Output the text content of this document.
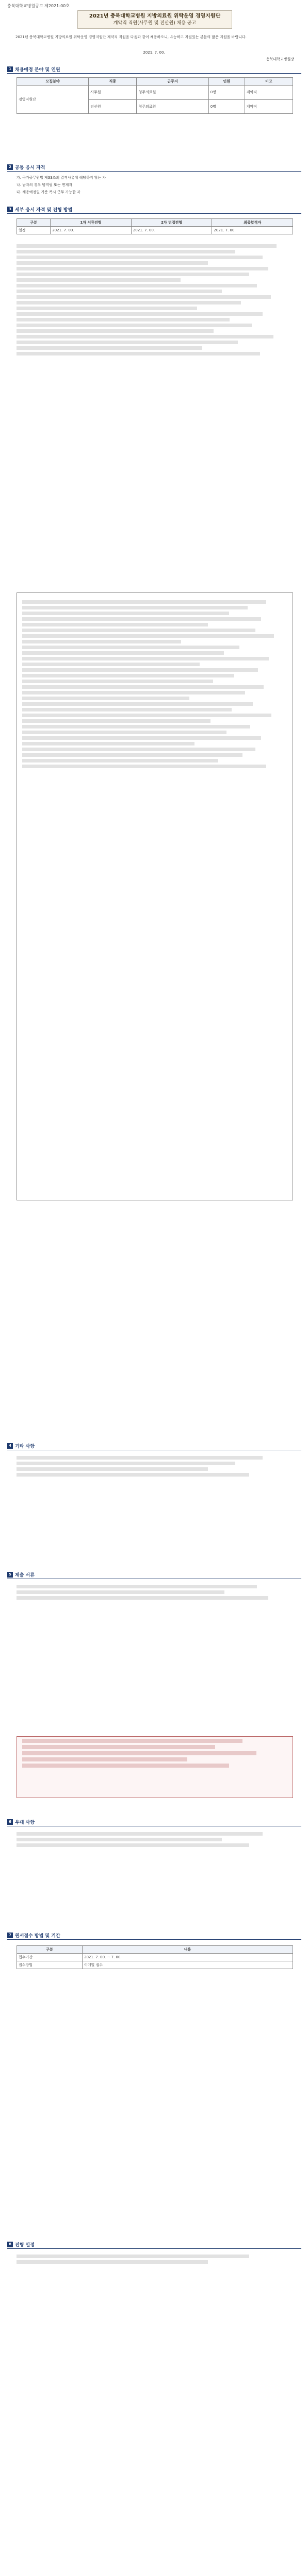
충북대학교병원공고 제2021-00호
2021년 충북대학교병원 지방의료원 위탁운영 경영지원단
계약직 직원(사무원 및 전산원) 채용 공고
2021년 충북대학교병원 지방의료원 위탁운영 경영지원단 계약직 직원을 다음과 같이 채용하오니, 유능하고 자질있는 분들의 많은 지원을 바랍니다.
2021. 7. 00.
충북대학교병원장
1 채용예정 분야 및 인원
모집분야	직종	근무지	인원	비고
경영지원단	사무원	청주의료원	0명	계약직
	전산원	청주의료원	0명	계약직
2 공통 응시 자격
가. 국가공무원법 제33조의 결격사유에 해당하지 않는 자
나. 남자의 경우 병역필 또는 면제자
다. 채용예정일 기준 즉시 근무 가능한 자
3 세부 응시 자격 및 전형 방법
구분	1차 서류전형	2차 면접전형	최종합격자
일정	2021. 7. 00.	2021. 7. 00.	2021. 7. 00.
4 기타 사항
5 제출 서류
6 우대 사항
7 원서접수 방법 및 기간
구분	내용
접수기간	2021. 7. 00. ~ 7. 00.
접수방법	이메일 접수
8 전형 일정
